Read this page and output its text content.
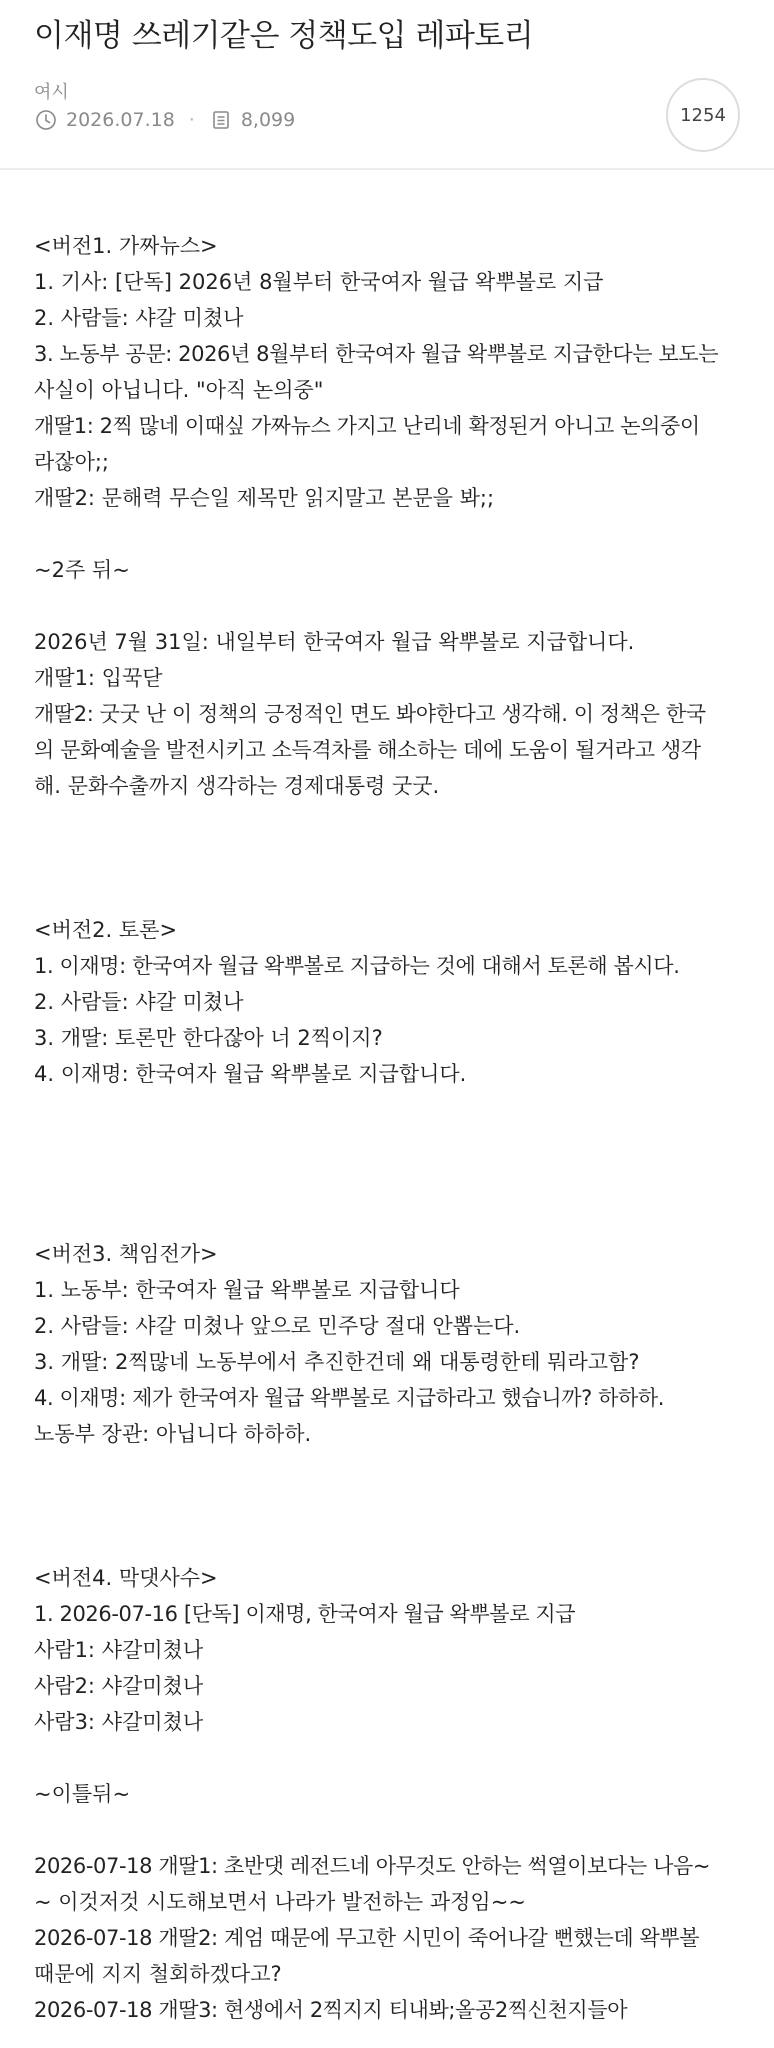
이재명 쓰레기같은 정책도입 레파토리
여시
2026.07.18 · 8,099	1254
<버전1. 가짜뉴스>
1. 기사: [단독] 2026년 8월부터 한국여자 월급 왁뿌볼로 지급
2. 사람들: 샤갈 미쳤나
3. 노동부 공문: 2026년 8월부터 한국여자 월급 왁뿌볼로 지급한다는 보도는
사실이 아닙니다. "아직 논의중"
개딸1: 2찍 많네 이때싶 가짜뉴스 가지고 난리네 확정된거 아니고 논의중이
라잖아;;
개딸2: 문해력 무슨일 제목만 읽지말고 본문을 봐;;
~2주 뒤~
2026년 7월 31일: 내일부터 한국여자 월급 왁뿌볼로 지급합니다.
개딸1: 입꾹닫
개딸2: 굿굿 난 이 정책의 긍정적인 면도 봐야한다고 생각해. 이 정책은 한국
의 문화예술을 발전시키고 소득격차를 해소하는 데에 도움이 될거라고 생각
해. 문화수출까지 생각하는 경제대통령 굿굿.
<버전2. 토론>
1. 이재명: 한국여자 월급 왁뿌볼로 지급하는 것에 대해서 토론해 봅시다.
2. 사람들: 샤갈 미쳤나
3. 개딸: 토론만 한다잖아 너 2찍이지?
4. 이재명: 한국여자 월급 왁뿌볼로 지급합니다.
<버전3. 책임전가>
1. 노동부: 한국여자 월급 왁뿌볼로 지급합니다
2. 사람들: 샤갈 미쳤나 앞으로 민주당 절대 안뽑는다.
3. 개딸: 2찍많네 노동부에서 추진한건데 왜 대통령한테 뭐라고함?
4. 이재명: 제가 한국여자 월급 왁뿌볼로 지급하라고 했습니까? 하하하.
노동부 장관: 아닙니다 하하하.
<버전4. 막댓사수>
1. 2026-07-16 [단독] 이재명, 한국여자 월급 왁뿌볼로 지급
사람1: 샤갈미쳤나
사람2: 샤갈미쳤나
사람3: 샤갈미쳤나
~이틀뒤~
2026-07-18 개딸1: 초반댓 레전드네 아무것도 안하는 썩열이보다는 나음~
~ 이것저것 시도해보면서 나라가 발전하는 과정임~~
2026-07-18 개딸2: 계엄 때문에 무고한 시민이 죽어나갈 뻔했는데 왁뿌볼
때문에 지지 철회하겠다고?
2026-07-18 개딸3: 현생에서 2찍지지 티내봐;올공2찍신천지들아
